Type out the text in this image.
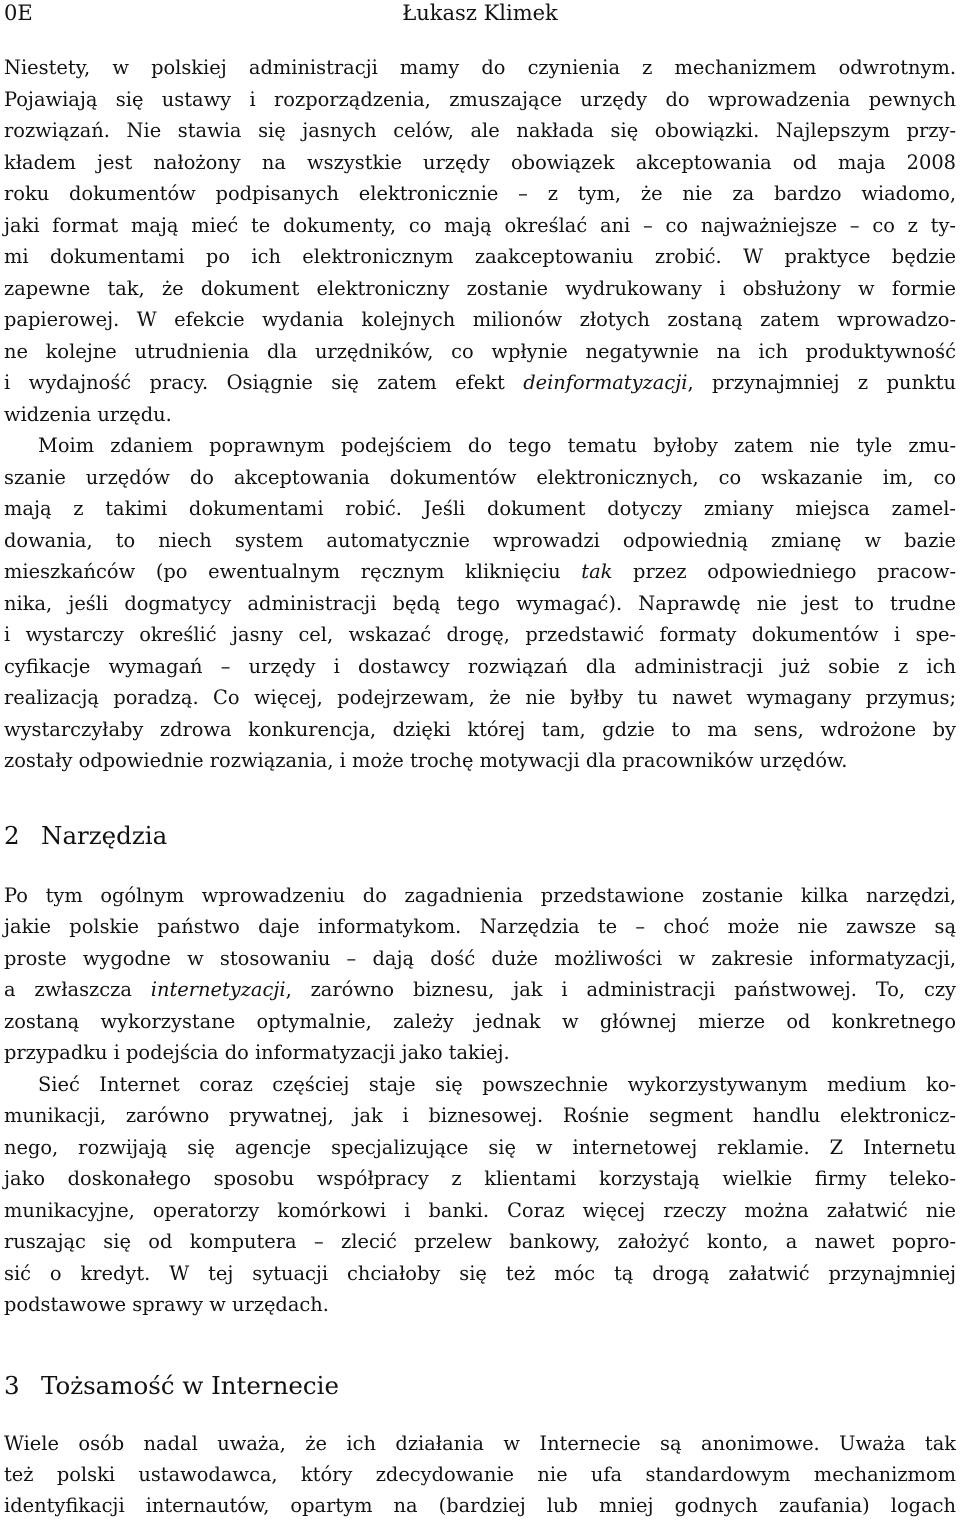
0E	Łukasz Klimek
Niestety, w polskiej administracji mamy do czynienia z mechanizmem odwrotnym.
Pojawiają się ustawy i rozporządzenia, zmuszające urzędy do wprowadzenia pewnych
rozwiązań. Nie stawia się jasnych celów, ale nakłada się obowiązki. Najlepszym przy-
kładem jest nałożony na wszystkie urzędy obowiązek akceptowania od maja 2008
roku dokumentów podpisanych elektronicznie – z tym, że nie za bardzo wiadomo,
jaki format mają mieć te dokumenty, co mają określać ani – co najważniejsze – co z ty-
mi dokumentami po ich elektronicznym zaakceptowaniu zrobić. W praktyce będzie
zapewne tak, że dokument elektroniczny zostanie wydrukowany i obsłużony w formie
papierowej. W efekcie wydania kolejnych milionów złotych zostaną zatem wprowadzo-
ne kolejne utrudnienia dla urzędników, co wpłynie negatywnie na ich produktywność
i wydajność pracy. Osiągnie się zatem efekt deinformatyzacji, przynajmniej z punktu
widzenia urzędu.
Moim zdaniem poprawnym podejściem do tego tematu byłoby zatem nie tyle zmu-
szanie urzędów do akceptowania dokumentów elektronicznych, co wskazanie im, co
mają z takimi dokumentami robić. Jeśli dokument dotyczy zmiany miejsca zamel-
dowania, to niech system automatycznie wprowadzi odpowiednią zmianę w bazie
mieszkańców (po ewentualnym ręcznym kliknięciu tak przez odpowiedniego pracow-
nika, jeśli dogmatycy administracji będą tego wymagać). Naprawdę nie jest to trudne
i wystarczy określić jasny cel, wskazać drogę, przedstawić formaty dokumentów i spe-
cyfikacje wymagań – urzędy i dostawcy rozwiązań dla administracji już sobie z ich
realizacją poradzą. Co więcej, podejrzewam, że nie byłby tu nawet wymagany przymus;
wystarczyłaby zdrowa konkurencja, dzięki której tam, gdzie to ma sens, wdrożone by
zostały odpowiednie rozwiązania, i może trochę motywacji dla pracowników urzędów.
2 Narzędzia
Po tym ogólnym wprowadzeniu do zagadnienia przedstawione zostanie kilka narzędzi,
jakie polskie państwo daje informatykom. Narzędzia te – choć może nie zawsze są
proste wygodne w stosowaniu – dają dość duże możliwości w zakresie informatyzacji,
a zwłaszcza internetyzacji, zarówno biznesu, jak i administracji państwowej. To, czy
zostaną wykorzystane optymalnie, zależy jednak w głównej mierze od konkretnego
przypadku i podejścia do informatyzacji jako takiej.
Sieć Internet coraz częściej staje się powszechnie wykorzystywanym medium ko-
munikacji, zarówno prywatnej, jak i biznesowej. Rośnie segment handlu elektronicz-
nego, rozwijają się agencje specjalizujące się w internetowej reklamie. Z Internetu
jako doskonałego sposobu współpracy z klientami korzystają wielkie firmy teleko-
munikacyjne, operatorzy komórkowi i banki. Coraz więcej rzeczy można załatwić nie
ruszając się od komputera – zlecić przelew bankowy, założyć konto, a nawet popro-
sić o kredyt. W tej sytuacji chciałoby się też móc tą drogą załatwić przynajmniej
podstawowe sprawy w urzędach.
3 Tożsamość w Internecie
Wiele osób nadal uważa, że ich działania w Internecie są anonimowe. Uważa tak
też polski ustawodawca, który zdecydowanie nie ufa standardowym mechanizmom
identyfikacji internautów, opartym na (bardziej lub mniej godnych zaufania) logach
